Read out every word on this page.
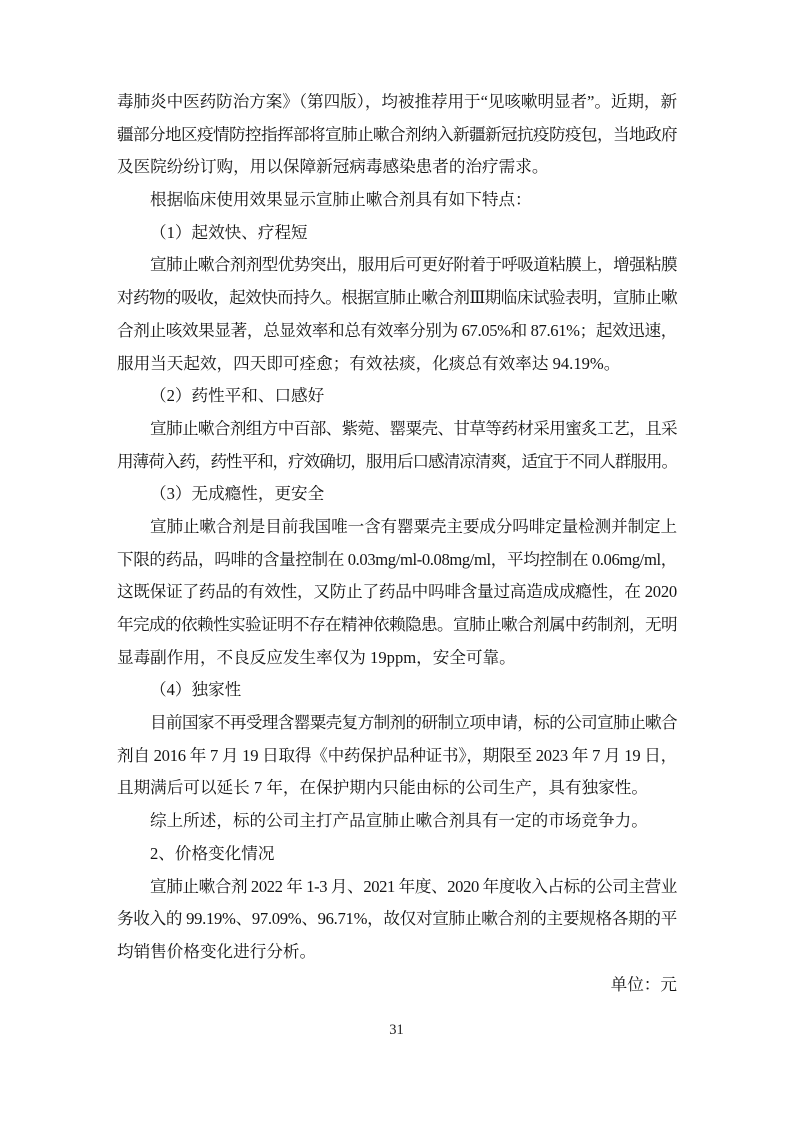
毒肺炎中医药防治方案》（第四版），均被推荐用于“见咳嗽明显者”。近期，新
疆部分地区疫情防控指挥部将宣肺止嗽合剂纳入新疆新冠抗疫防疫包，当地政府
及医院纷纷订购，用以保障新冠病毒感染患者的治疗需求。
根据临床使用效果显示宣肺止嗽合剂具有如下特点：
（1）起效快、疗程短
宣肺止嗽合剂剂型优势突出，服用后可更好附着于呼吸道粘膜上，增强粘膜
对药物的吸收，起效快而持久。根据宣肺止嗽合剂Ⅲ期临床试验表明，宣肺止嗽
合剂止咳效果显著，总显效率和总有效率分别为 67.05%和 87.61%；起效迅速，
服用当天起效，四天即可痊愈；有效祛痰，化痰总有效率达 94.19%。
（2）药性平和、口感好
宣肺止嗽合剂组方中百部、紫菀、罂粟壳、甘草等药材采用蜜炙工艺，且采
用薄荷入药，药性平和，疗效确切，服用后口感清凉清爽，适宜于不同人群服用。
（3）无成瘾性，更安全
宣肺止嗽合剂是目前我国唯一含有罂粟壳主要成分吗啡定量检测并制定上
下限的药品，吗啡的含量控制在 0.03mg/ml-0.08mg/ml，平均控制在 0.06mg/ml，
这既保证了药品的有效性，又防止了药品中吗啡含量过高造成成瘾性，在 2020
年完成的依赖性实验证明不存在精神依赖隐患。宣肺止嗽合剂属中药制剂，无明
显毒副作用，不良反应发生率仅为 19ppm，安全可靠。
（4）独家性
目前国家不再受理含罂粟壳复方制剂的研制立项申请，标的公司宣肺止嗽合
剂自 2016 年 7 月 19 日取得《中药保护品种证书》，期限至 2023 年 7 月 19 日，
且期满后可以延长 7 年，在保护期内只能由标的公司生产，具有独家性。
综上所述，标的公司主打产品宣肺止嗽合剂具有一定的市场竞争力。
2、价格变化情况
宣肺止嗽合剂 2022 年 1-3 月、2021 年度、2020 年度收入占标的公司主营业
务收入的 99.19%、97.09%、96.71%，故仅对宣肺止嗽合剂的主要规格各期的平
均销售价格变化进行分析。
单位：元
31
